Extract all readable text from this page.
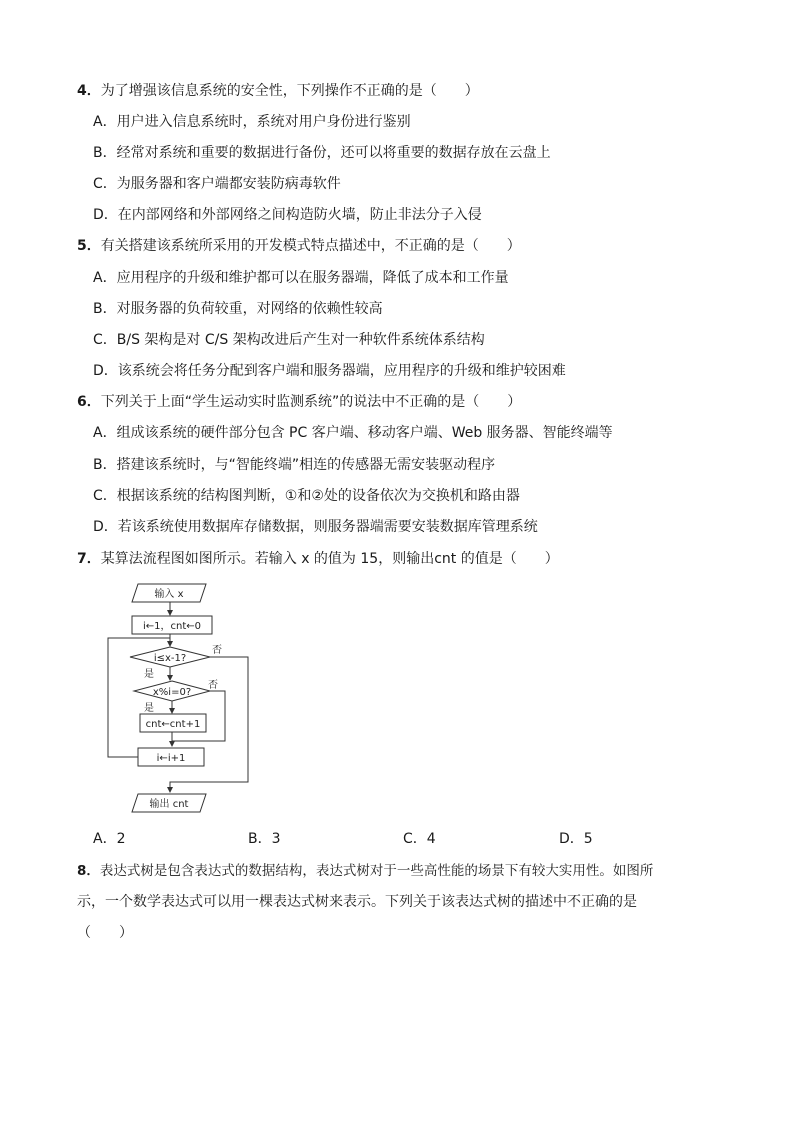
4．为了增强该信息系统的安全性，下列操作不正确的是（　　）
A．用户进入信息系统时，系统对用户身份进行鉴别
B．经常对系统和重要的数据进行备份，还可以将重要的数据存放在云盘上
C．为服务器和客户端都安装防病毒软件
D．在内部网络和外部网络之间构造防火墙，防止非法分子入侵
5．有关搭建该系统所采用的开发模式特点描述中，不正确的是（　　）
A．应用程序的升级和维护都可以在服务器端，降低了成本和工作量
B．对服务器的负荷较重，对网络的依赖性较高
C．B/S 架构是对 C/S 架构改进后产生对一种软件系统体系结构
D．该系统会将任务分配到客户端和服务器端，应用程序的升级和维护较困难
6．下列关于上面“学生运动实时监测系统”的说法中不正确的是（　　）
A．组成该系统的硬件部分包含 PC 客户端、移动客户端、Web 服务器、智能终端等
B．搭建该系统时，与“智能终端”相连的传感器无需安装驱动程序
C．根据该系统的结构图判断，①和②处的设备依次为交换机和路由器
D．若该系统使用数据库存储数据，则服务器端需要安装数据库管理系统
7．某算法流程图如图所示。若输入 x 的值为 15，则输出cnt 的值是（　　）
输入 x
i←1，cnt←0
i≤x-1?
x%i=0?
cnt←cnt+1
i←i+1
输出 cnt
是
是
否
否
A．2	B．3	C．4	D．5
8．表达式树是包含表达式的数据结构，表达式树对于一些高性能的场景下有较大实用性。如图所
示，一个数学表达式可以用一棵表达式树来表示。下列关于该表达式树的描述中不正确的是
（　　）
